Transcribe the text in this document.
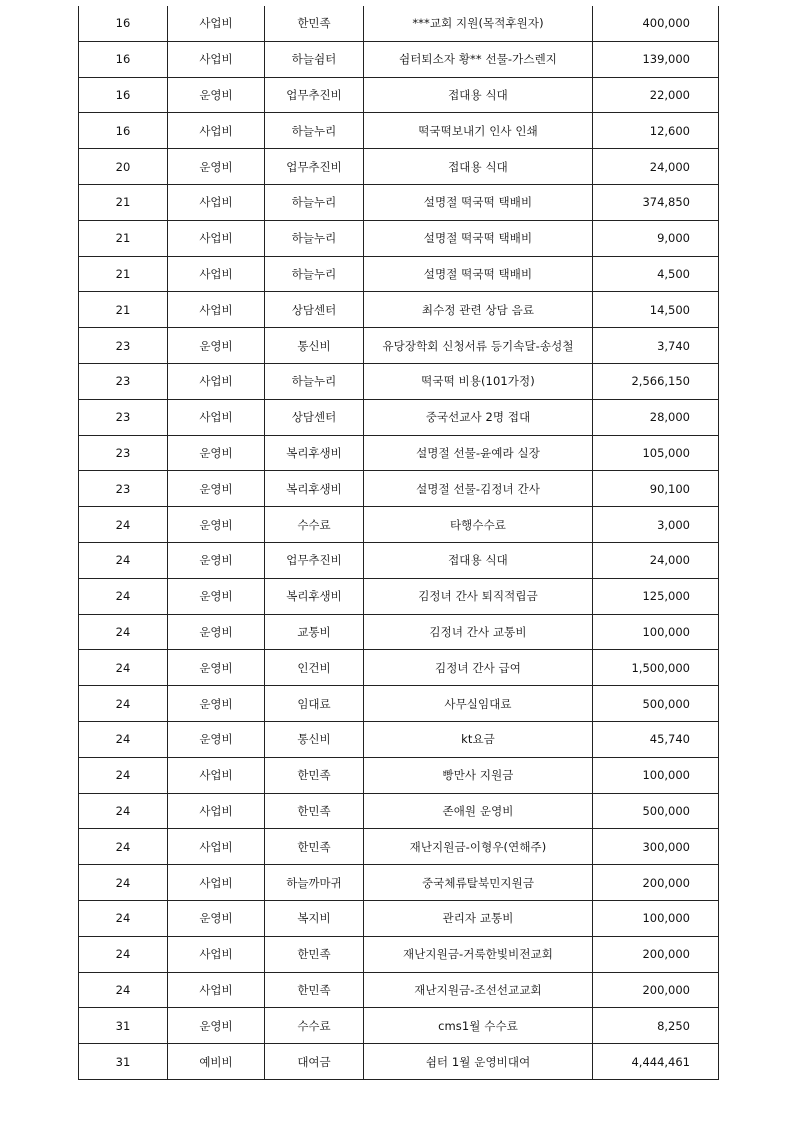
16	사업비	한민족	***교회 지원(목적후원자)	400,000
16	사업비	하늘쉼터	쉼터퇴소자 황** 선물-가스렌지	139,000
16	운영비	업무추진비	접대용 식대	22,000
16	사업비	하늘누리	떡국떡보내기 인사 인쇄	12,600
20	운영비	업무추진비	접대용 식대	24,000
21	사업비	하늘누리	설명절 떡국떡 택배비	374,850
21	사업비	하늘누리	설명절 떡국떡 택배비	9,000
21	사업비	하늘누리	설명절 떡국떡 택배비	4,500
21	사업비	상담센터	최수정 관련 상담 음료	14,500
23	운영비	통신비	유당장학회 신청서류 등기속달-송성철	3,740
23	사업비	하늘누리	떡국떡 비용(101가정)	2,566,150
23	사업비	상담센터	중국선교사 2명 접대	28,000
23	운영비	복리후생비	설명절 선물-윤예라 실장	105,000
23	운영비	복리후생비	설명절 선물-김정녀 간사	90,100
24	운영비	수수료	타행수수료	3,000
24	운영비	업무추진비	접대용 식대	24,000
24	운영비	복리후생비	김정녀 간사 퇴직적립금	125,000
24	운영비	교통비	김정녀 간사 교통비	100,000
24	운영비	인건비	김정녀 간사 급여	1,500,000
24	운영비	임대료	사무실임대료	500,000
24	운영비	통신비	kt요금	45,740
24	사업비	한민족	빵만사 지원금	100,000
24	사업비	한민족	존애원 운영비	500,000
24	사업비	한민족	재난지원금-이형우(연해주)	300,000
24	사업비	하늘까마귀	중국체류탈북민지원금	200,000
24	운영비	복지비	관리자 교통비	100,000
24	사업비	한민족	재난지원금-거룩한빛비전교회	200,000
24	사업비	한민족	재난지원금-조선선교교회	200,000
31	운영비	수수료	cms1월 수수료	8,250
31	예비비	대여금	쉼터 1월 운영비대여	4,444,461
